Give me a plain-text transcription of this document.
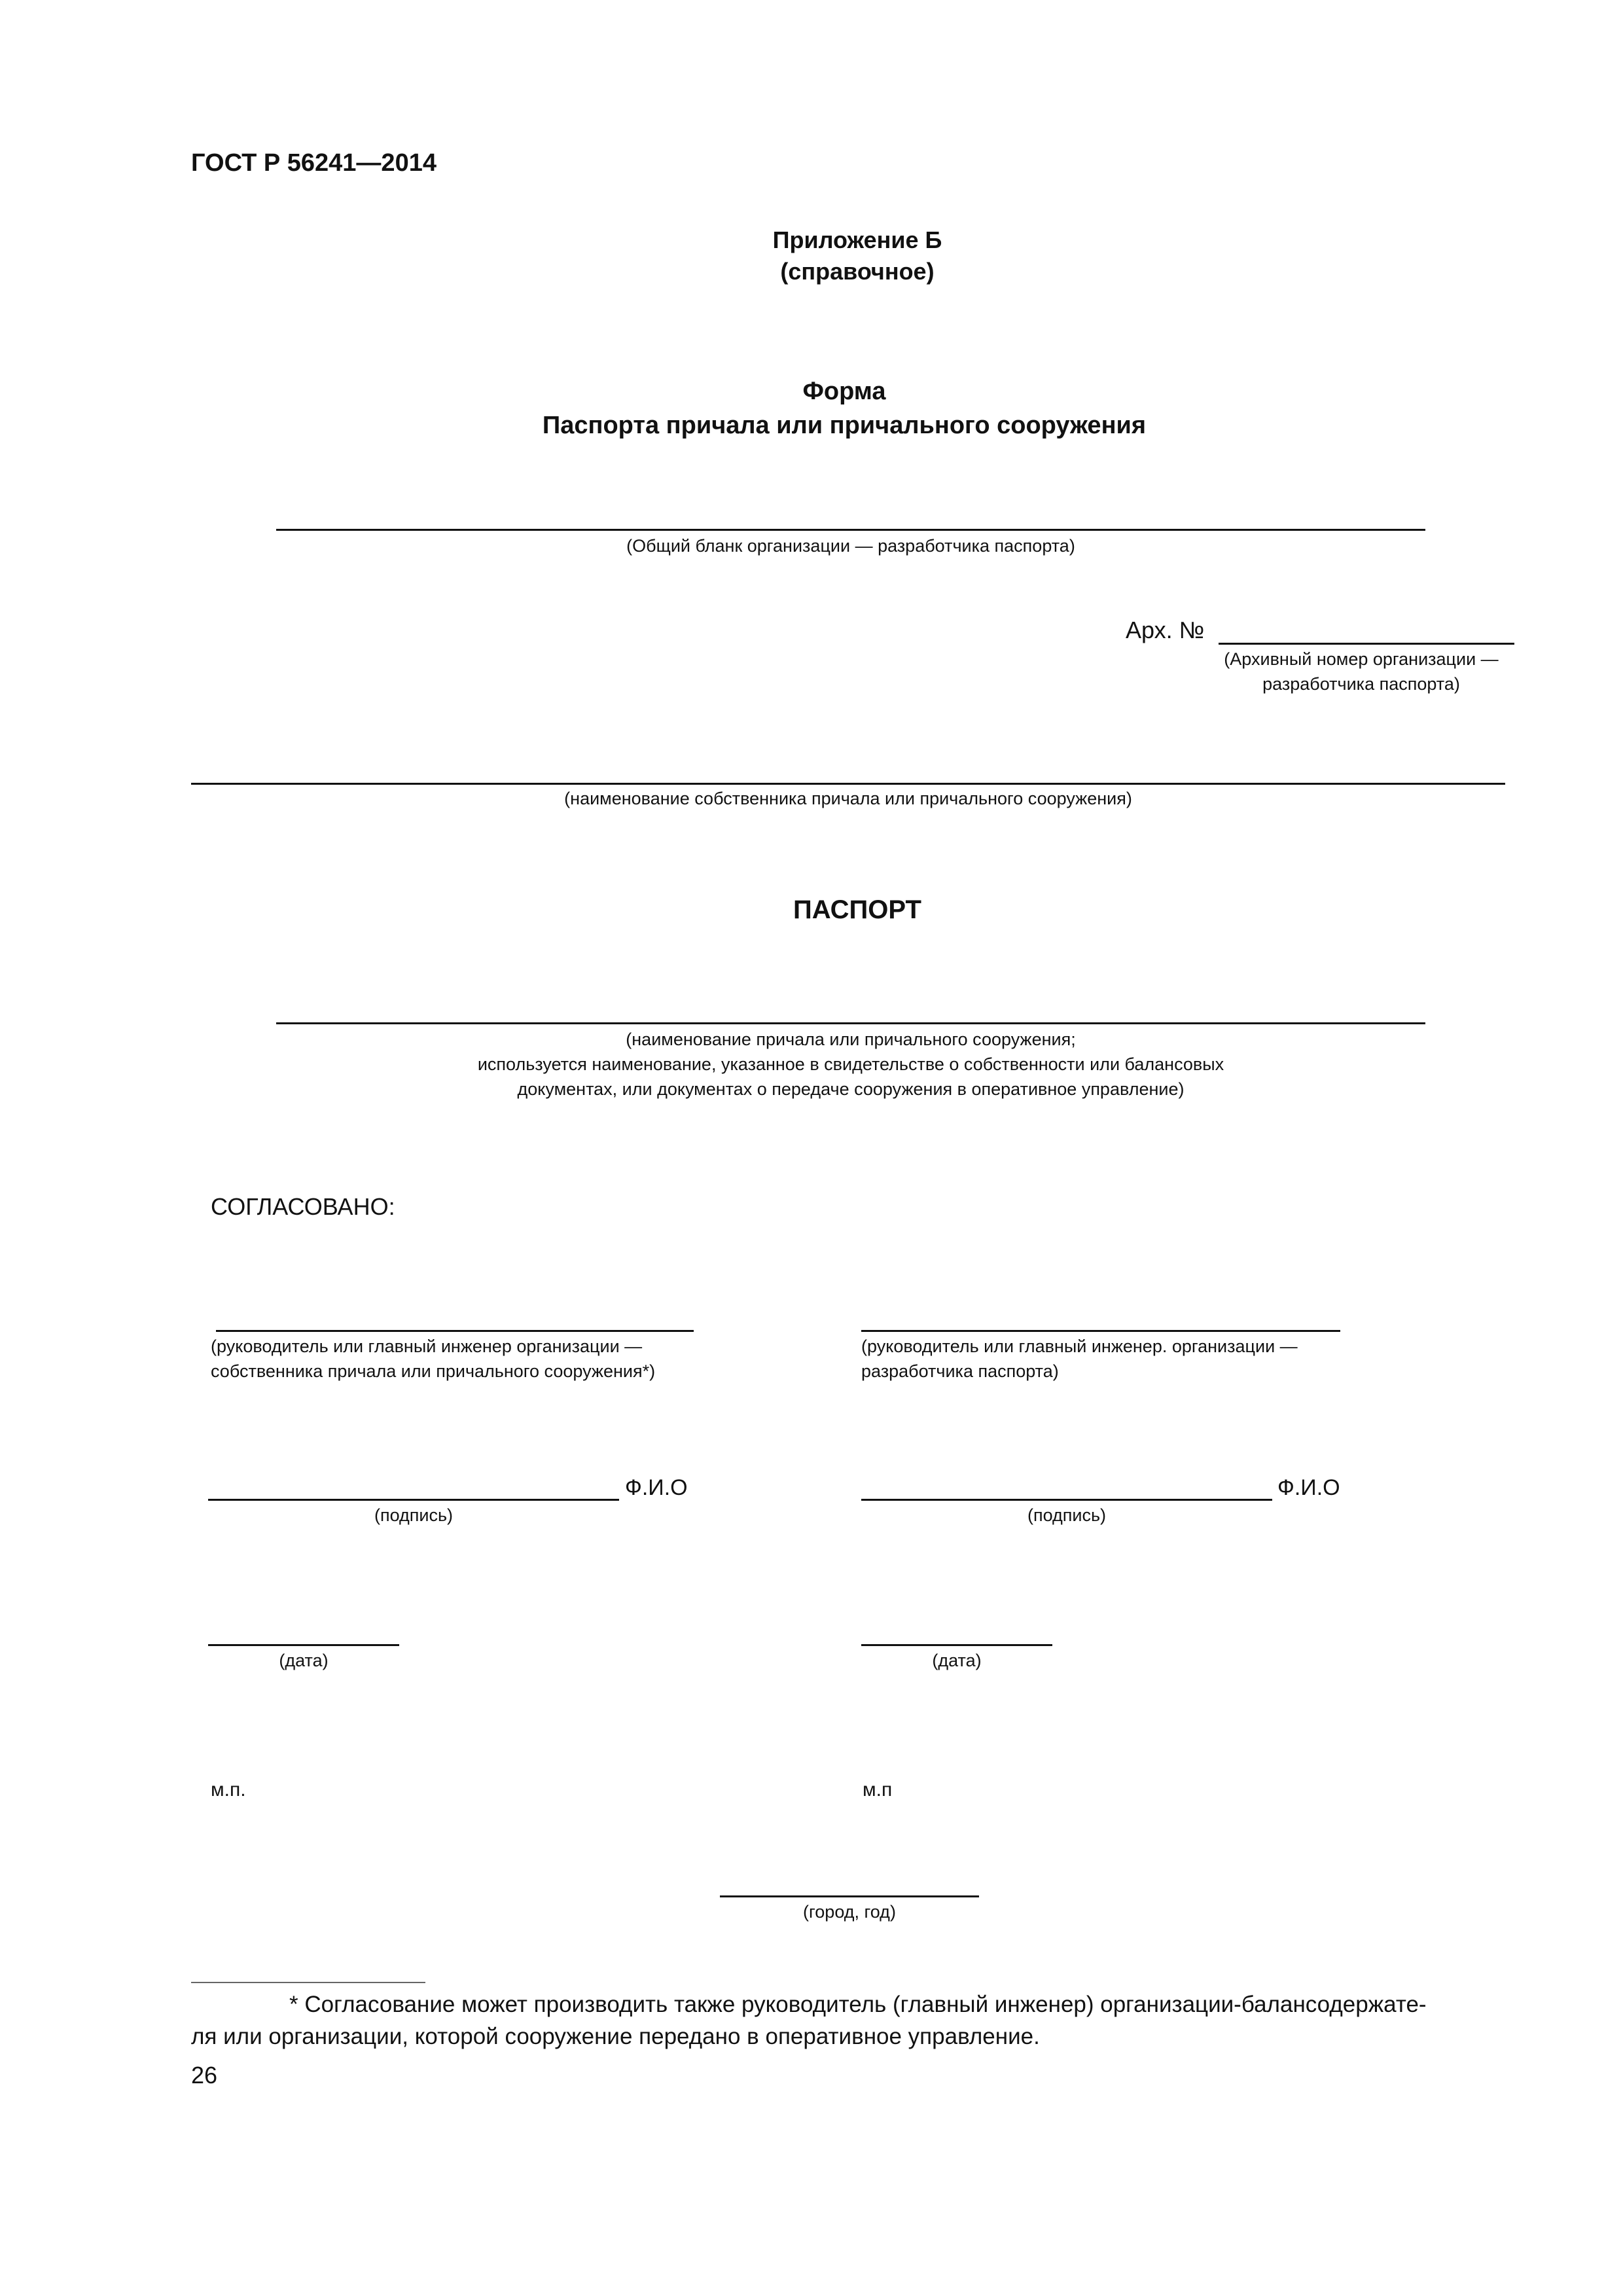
ГОСТ Р 56241—2014
Приложение Б
(справочное)
Форма
Паспорта причала или причального сооружения
(Общий бланк организации — разработчика паспорта)
Арх. №
(Архивный номер организации —
разработчика паспорта)
(наименование собственника причала или причального сооружения)
ПАСПОРТ
(наименование причала или причального сооружения;
используется наименование, указанное в свидетельстве о собственности или балансовых
документах, или документах о передаче сооружения в оперативное управление)
СОГЛАСОВАНО:
(руководитель или главный инженер организации —
собственника причала или причального сооружения*)
Ф.И.О
(подпись)
(дата)
м.п.
(руководитель или главный инженер. организации —
разработчика паспорта)
Ф.И.О
(подпись)
(дата)
м.п
(город, год)
* Согласование может производить также руководитель (главный инженер) организации-балансодержате-
ля или организации, которой сооружение передано в оперативное управление.
26
